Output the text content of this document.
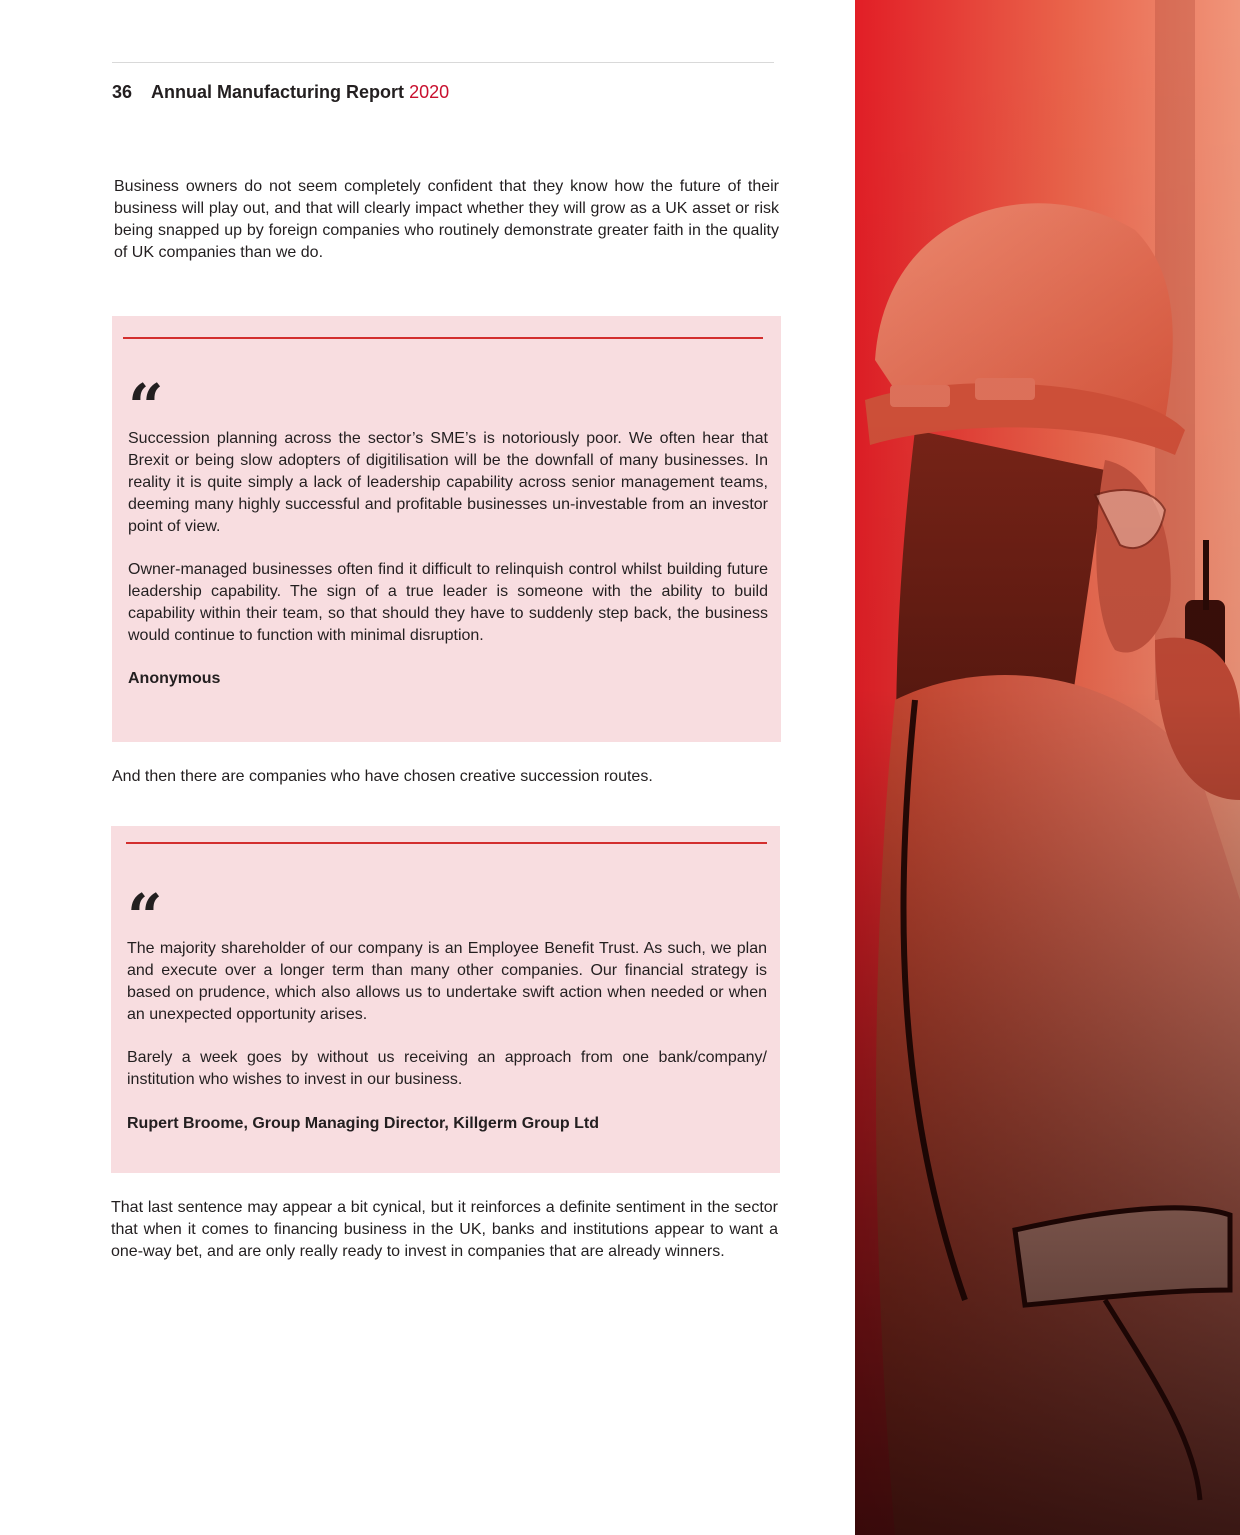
36 Annual Manufacturing Report 2020

Business owners do not seem completely confident that they know how the future of their business will play out, and that will clearly impact whether they will grow as a UK asset or risk being snapped up by foreign companies who routinely demonstrate greater faith in the quality of UK companies than we do.

“

Succession planning across the sector’s SME’s is notoriously poor. We often hear that Brexit or being slow adopters of digitilisation will be the downfall of many businesses. In reality it is quite simply a lack of leadership capability across senior management teams, deeming many highly successful and profitable businesses un-investable from an investor point of view.

Owner-managed businesses often find it difficult to relinquish control whilst building future leadership capability. The sign of a true leader is someone with the ability to build capability within their team, so that should they have to suddenly step back, the business would continue to function with minimal disruption.

Anonymous

And then there are companies who have chosen creative succession routes.

“

The majority shareholder of our company is an Employee Benefit Trust. As such, we plan and execute over a longer term than many other companies. Our financial strategy is based on prudence, which also allows us to undertake swift action when needed or when an unexpected opportunity arises.

Barely a week goes by without us receiving an approach from one bank/company/ institution who wishes to invest in our business.

Rupert Broome, Group Managing Director, Killgerm Group Ltd

That last sentence may appear a bit cynical, but it reinforces a definite sentiment in the sector that when it comes to financing business in the UK, banks and institutions appear to want a one-way bet, and are only really ready to invest in companies that are already winners.
